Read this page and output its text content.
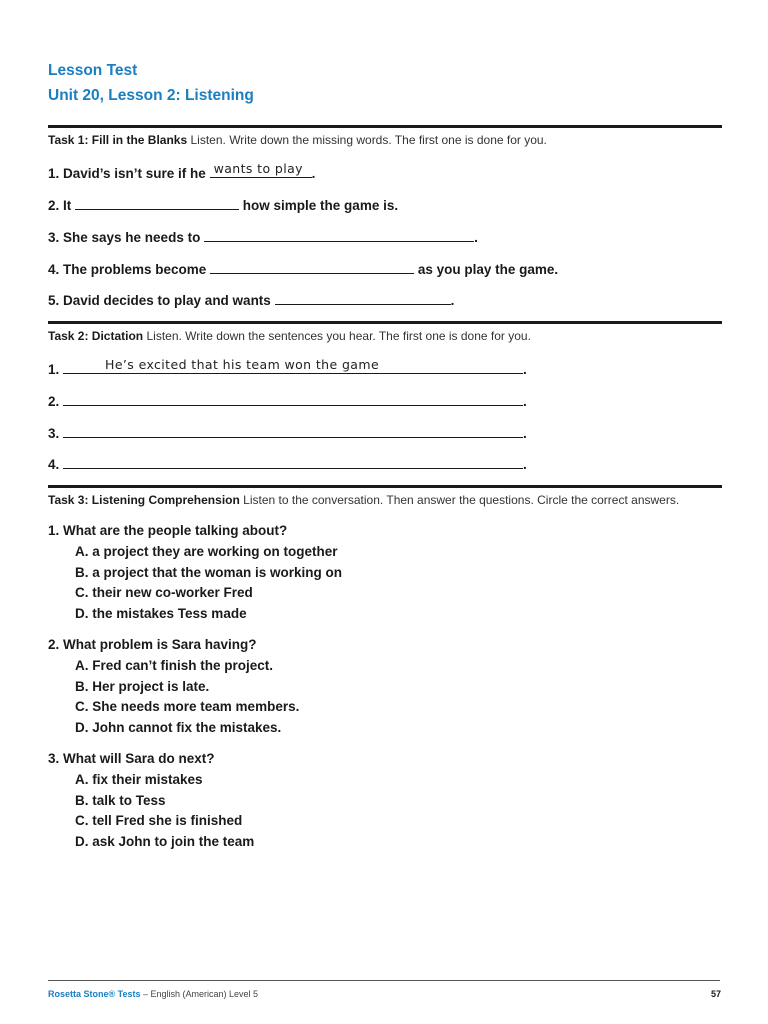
Lesson Test
Unit 20, Lesson 2: Listening
Task 1: Fill in the Blanks Listen. Write down the missing words. The first one is done for you.
1. David’s isn’t sure if he wants to play .
2. It	how simple the game is.
3. She says he needs to	.
4. The problems become	as you play the game.
5. David decides to play and wants	.
Task 2: Dictation Listen. Write down the sentences you hear. The first one is done for you.
1.	He’s excited that his team won the game	.
2.	.
3.	.
4.	.
Task 3: Listening Comprehension Listen to the conversation. Then answer the questions. Circle the correct answers.
1. What are the people talking about?
A. a project they are working on together
B. a project that the woman is working on
C. their new co-worker Fred
D. the mistakes Tess made
2. What problem is Sara having?
A. Fred can’t finish the project.
B. Her project is late.
C. She needs more team members.
D. John cannot fix the mistakes.
3. What will Sara do next?
A. fix their mistakes
B. talk to Tess
C. tell Fred she is finished
D. ask John to join the team
Rosetta Stone® Tests – English (American) Level 5	57
